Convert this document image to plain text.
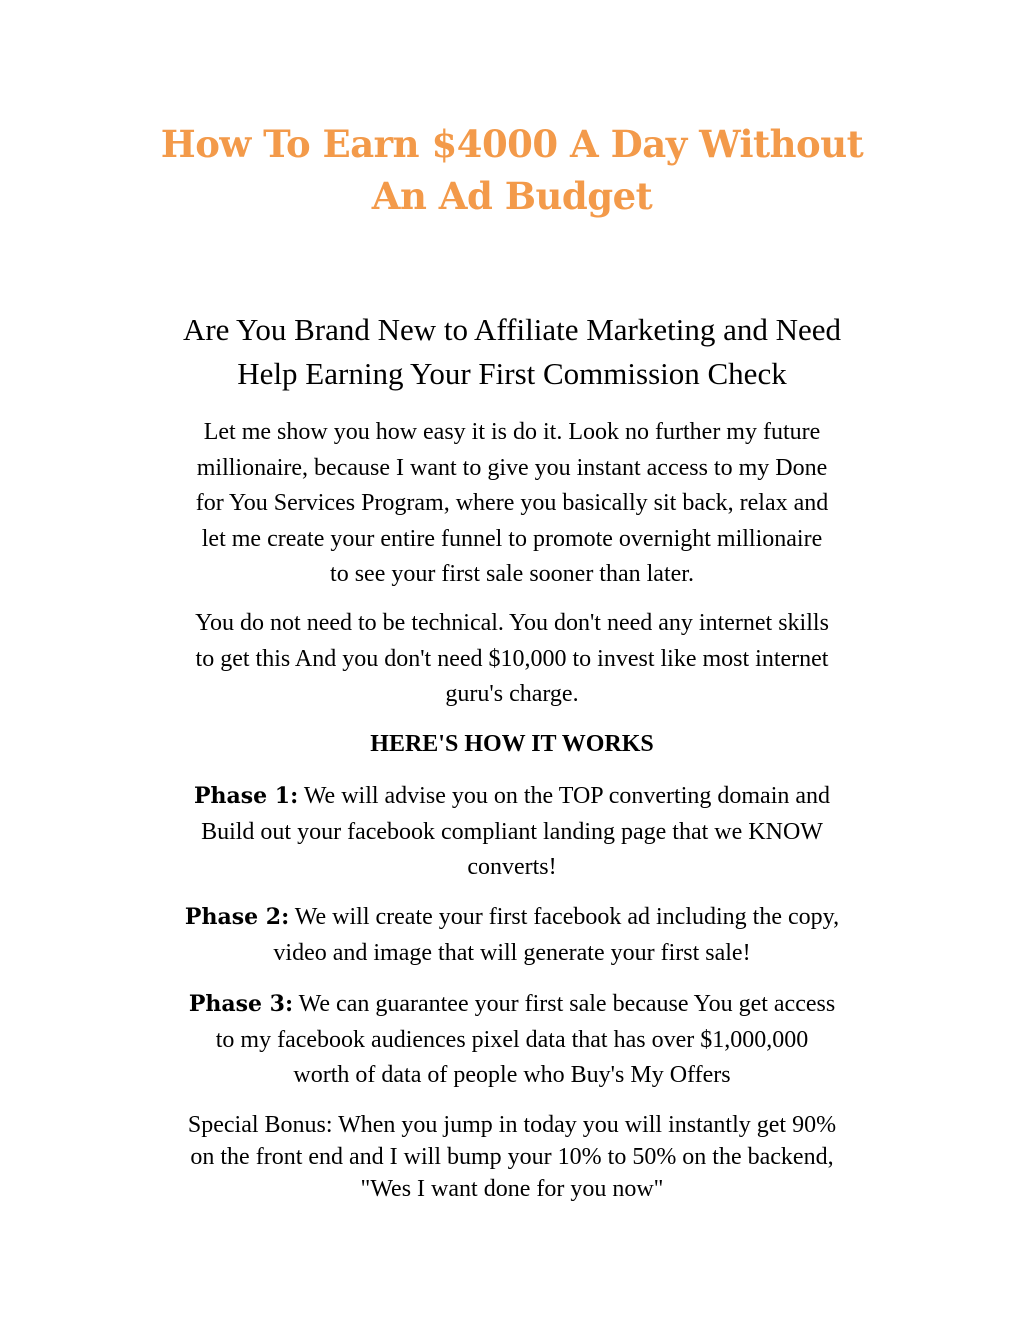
How To Earn $4000 A Day Without
An Ad Budget
Are You Brand New to Affiliate Marketing and Need
Help Earning Your First Commission Check

Let me show you how easy it is do it. Look no further my future
millionaire, because I want to give you instant access to my Done
for You Services Program, where you basically sit back, relax and
let me create your entire funnel to promote overnight millionaire
to see your first sale sooner than later.

You do not need to be technical. You don't need any internet skills
to get this And you don't need $10,000 to invest like most internet
guru's charge.

HERE'S HOW IT WORKS

Phase 1: We will advise you on the TOP converting domain and
Build out your facebook compliant landing page that we KNOW
converts!

Phase 2: We will create your first facebook ad including the copy,
video and image that will generate your first sale!

Phase 3: We can guarantee your first sale because You get access
to my facebook audiences pixel data that has over $1,000,000
worth of data of people who Buy's My Offers

Special Bonus: When you jump in today you will instantly get 90%
on the front end and I will bump your 10% to 50% on the backend,
"Wes I want done for you now"
